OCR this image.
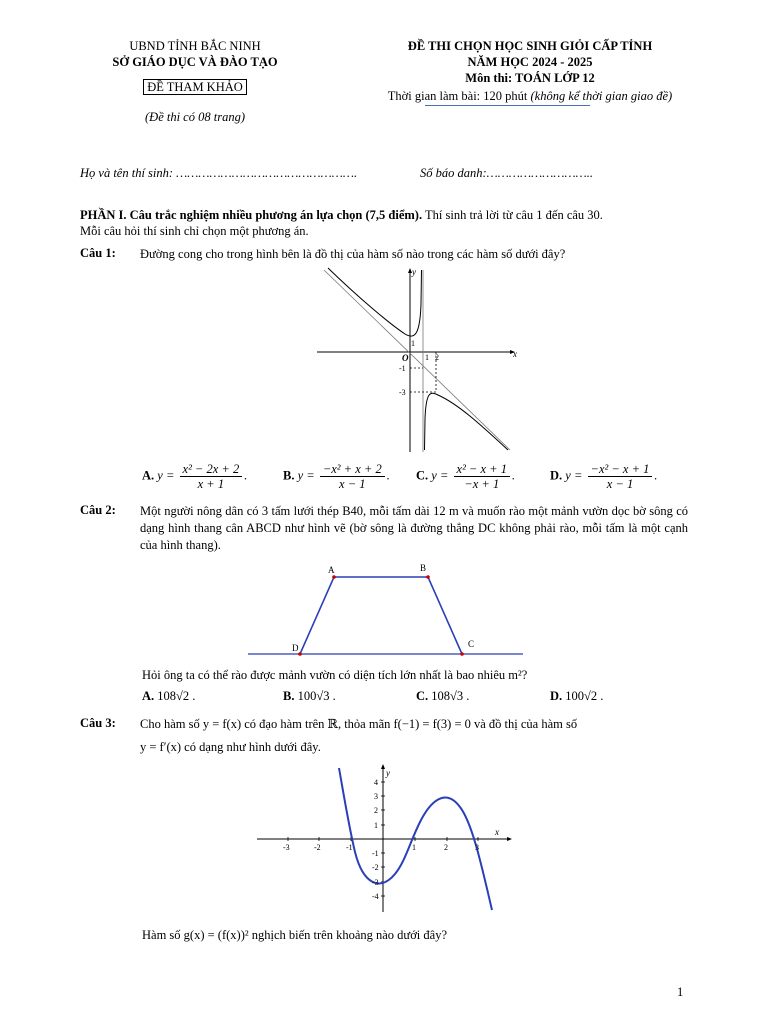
UBND TỈNH BẮC NINH
SỞ GIÁO DỤC VÀ ĐÀO TẠO
ĐỀ THAM KHẢO
(Đề thi có 08 trang)
ĐỀ THI CHỌN HỌC SINH GIỎI CẤP TỈNH
NĂM HỌC 2024 - 2025
Môn thi: TOÁN LỚP 12
Thời gian làm bài: 120 phút (không kể thời gian giao đề)
Họ và tên thí sinh: ………………………………………….	Số báo danh:………………………..
PHẦN I. Câu trắc nghiệm nhiều phương án lựa chọn (7,5 điểm). Thí sinh trả lời từ câu 1 đến câu 30.
Mỗi câu hỏi thí sinh chỉ chọn một phương án.
Câu 1: Đường cong cho trong hình bên là đồ thị của hàm số nào trong các hàm số dưới đây?
x
y
O 1 2
1
-1
-3
A. $y = \frac{\text{x² − 2x + 2}}{x + 1}$ .	B. $y = \frac{\text{−x² + x + 2}}{x - 1}$ . C. $y = \frac{\text{x² − x + 1}}{-x + 1}$ .	D. $y = \frac{\text{−x² − x + 1}}{x - 1}$ .
Câu 2: Một người nông dân có 3 tấm lưới thép B40, mỗi tấm dài 12 m và muốn rào một mảnh vườn dọc bờ sông có dạng hình thang cân ABCD như hình vẽ (bờ sông là đường thẳng DC không phải rào, mỗi tấm là một cạnh của hình thang).
A	B
D	C
Hỏi ông ta có thể rào được mảnh vườn có diện tích lớn nhất là bao nhiêu m²?
A. 108√2 .	B. 100√3 .	C. 108√3 .	D. 100√2 .
Câu 3: Cho hàm số y = f(x) có đạo hàm trên ℝ, thỏa mãn f(−1) = f(3) = 0 và đồ thị của hàm số
y = f′(x) có dạng như hình dưới đây.
x
y
-3	-2	-1	1	2	3
4
3
2
1
-1
-2
-3
-4
Hàm số g(x) = (f(x))² nghịch biến trên khoảng nào dưới đây?
1
